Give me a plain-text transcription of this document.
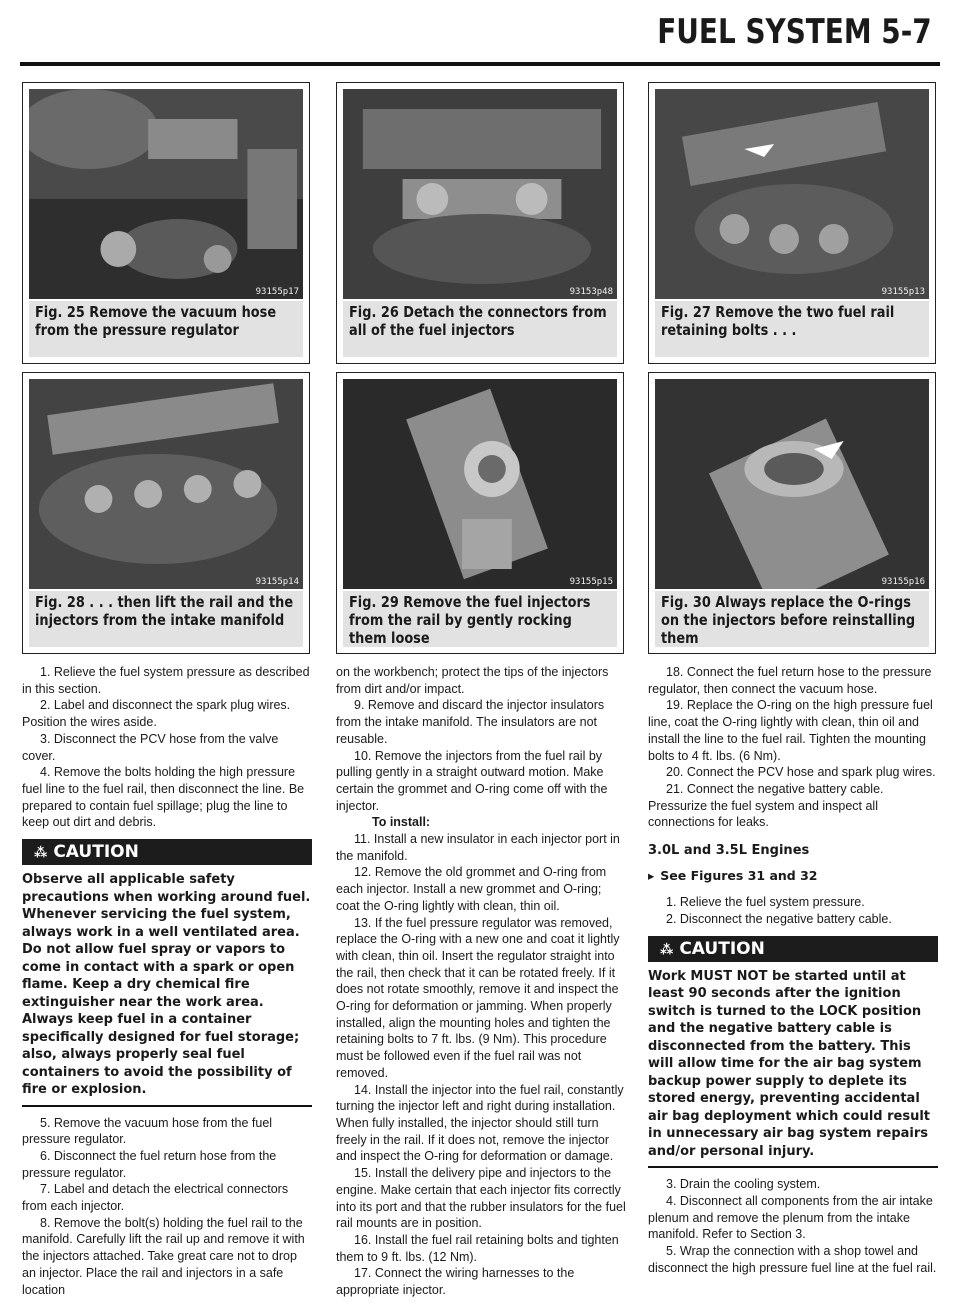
FUEL SYSTEM 5-7
93155p17
Fig. 25 Remove the vacuum hose from the pressure regulator
93153p48
Fig. 26 Detach the connectors from all of the fuel injectors
93155p13
Fig. 27 Remove the two fuel rail retaining bolts . . .
93155p14
Fig. 28 . . . then lift the rail and the injectors from the intake manifold
93155p15
Fig. 29 Remove the fuel injectors from the rail by gently rocking them loose
93155p16
Fig. 30 Always replace the O-rings on the injectors before reinstalling them

1. Relieve the fuel system pressure as described in this section.

2. Label and disconnect the spark plug wires. Position the wires aside.

3. Disconnect the PCV hose from the valve cover.

4. Remove the bolts holding the high pressure fuel line to the fuel rail, then disconnect the line. Be prepared to contain fuel spillage; plug the line to keep out dirt and debris.

⁂ CAUTION
Observe all applicable safety precautions when working around fuel. Whenever servicing the fuel system, always work in a well ventilated area. Do not allow fuel spray or vapors to come in contact with a spark or open flame. Keep a dry chemical fire extinguisher near the work area. Always keep fuel in a container specifically designed for fuel storage; also, always properly seal fuel containers to avoid the possibility of fire or explosion.

5. Remove the vacuum hose from the fuel pressure regulator.

6. Disconnect the fuel return hose from the pressure regulator.

7. Label and detach the electrical connectors from each injector.

8. Remove the bolt(s) holding the fuel rail to the manifold. Carefully lift the rail up and remove it with the injectors attached. Take great care not to drop an injector. Place the rail and injectors in a safe location

on the workbench; protect the tips of the injectors from dirt and/or impact.

9. Remove and discard the injector insulators from the intake manifold. The insulators are not reusable.

10. Remove the injectors from the fuel rail by pulling gently in a straight outward motion. Make certain the grommet and O-ring come off with the injector.

To install:

11. Install a new insulator in each injector port in the manifold.

12. Remove the old grommet and O-ring from each injector. Install a new grommet and O-ring; coat the O-ring lightly with clean, thin oil.

13. If the fuel pressure regulator was removed, replace the O-ring with a new one and coat it lightly with clean, thin oil. Insert the regulator straight into the rail, then check that it can be rotated freely. If it does not rotate smoothly, remove it and inspect the O-ring for deformation or jamming. When properly installed, align the mounting holes and tighten the retaining bolts to 7 ft. lbs. (9 Nm). This procedure must be followed even if the fuel rail was not removed.

14. Install the injector into the fuel rail, constantly turning the injector left and right during installation. When fully installed, the injector should still turn freely in the rail. If it does not, remove the injector and inspect the O-ring for deformation or damage.

15. Install the delivery pipe and injectors to the engine. Make certain that each injector fits correctly into its port and that the rubber insulators for the fuel rail mounts are in position.

16. Install the fuel rail retaining bolts and tighten them to 9 ft. lbs. (12 Nm).

17. Connect the wiring harnesses to the appropriate injector.

18. Connect the fuel return hose to the pressure regulator, then connect the vacuum hose.

19. Replace the O-ring on the high pressure fuel line, coat the O-ring lightly with clean, thin oil and install the line to the fuel rail. Tighten the mounting bolts to 4 ft. lbs. (6 Nm).

20. Connect the PCV hose and spark plug wires.

21. Connect the negative battery cable. Pressurize the fuel system and inspect all connections for leaks.

3.0L and 3.5L Engines
▸ See Figures 31 and 32

1. Relieve the fuel system pressure.

2. Disconnect the negative battery cable.

⁂ CAUTION
Work MUST NOT be started until at least 90 seconds after the ignition switch is turned to the LOCK position and the negative battery cable is disconnected from the battery. This will allow time for the air bag system backup power supply to deplete its stored energy, preventing accidental air bag deployment which could result in unnecessary air bag system repairs and/or personal injury.

3. Drain the cooling system.

4. Disconnect all components from the air intake plenum and remove the plenum from the intake manifold. Refer to Section 3.

5. Wrap the connection with a shop towel and disconnect the high pressure fuel line at the fuel rail.
